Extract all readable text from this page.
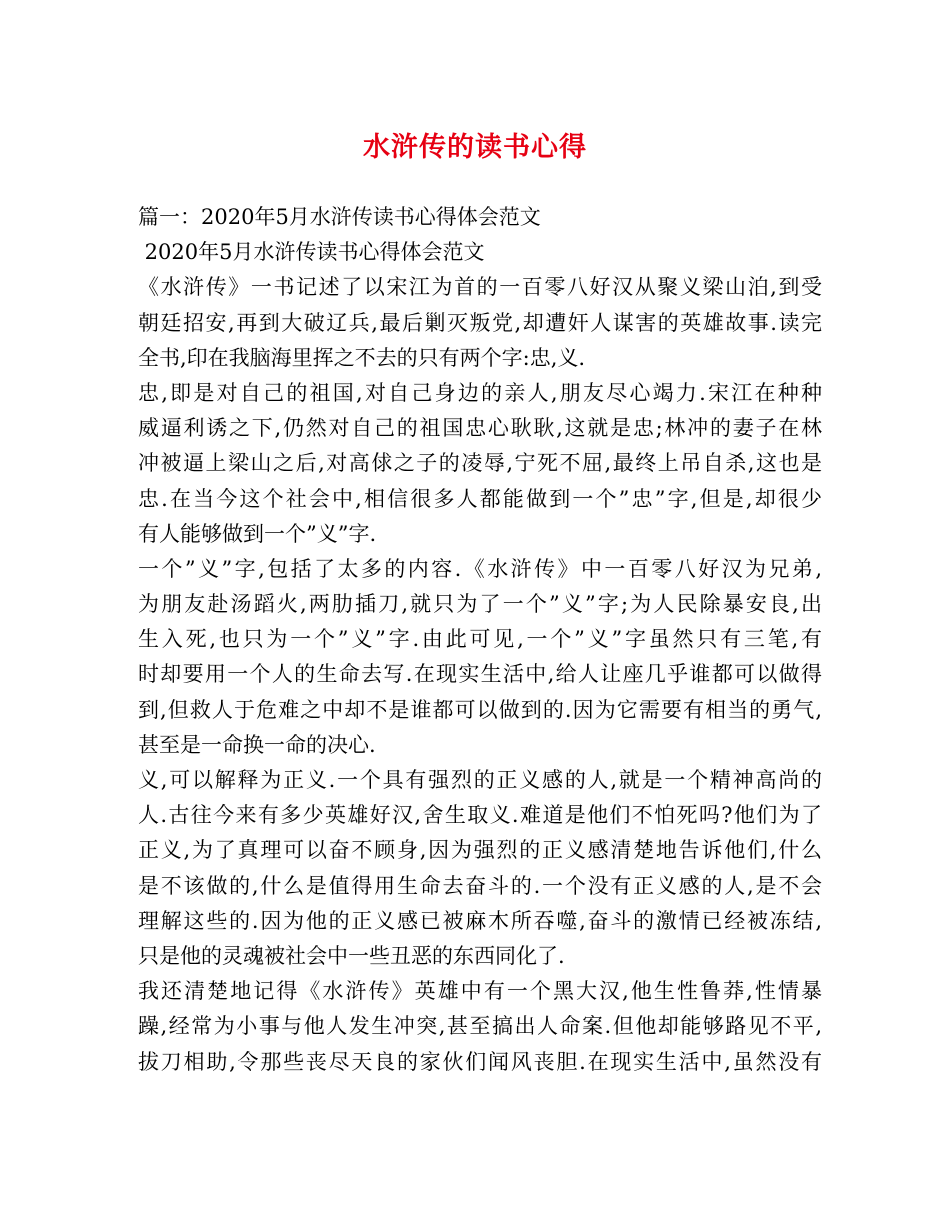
水浒传的读书心得
篇一：2020年5月水浒传读书心得体会范文
2020年5月水浒传读书心得体会范文
《水浒传》一书记述了以宋江为首的一百零八好汉从聚义梁山泊,到受
朝廷招安,再到大破辽兵,最后剿灭叛党,却遭奸人谋害的英雄故事.读完
全书,印在我脑海里挥之不去的只有两个字:忠,义.
忠,即是对自己的祖国,对自己身边的亲人,朋友尽心竭力.宋江在种种
威逼利诱之下,仍然对自己的祖国忠心耿耿,这就是忠;林冲的妻子在林
冲被逼上梁山之后,对高俅之子的凌辱,宁死不屈,最终上吊自杀,这也是
忠.在当今这个社会中,相信很多人都能做到一个”忠”字,但是,却很少
有人能够做到一个”义”字.
一个”义”字,包括了太多的内容.《水浒传》中一百零八好汉为兄弟,
为朋友赴汤蹈火,两肋插刀,就只为了一个”义”字;为人民除暴安良,出
生入死,也只为一个”义”字.由此可见,一个”义”字虽然只有三笔,有
时却要用一个人的生命去写.在现实生活中,给人让座几乎谁都可以做得
到,但救人于危难之中却不是谁都可以做到的.因为它需要有相当的勇气,
甚至是一命换一命的决心.
义,可以解释为正义.一个具有强烈的正义感的人,就是一个精神高尚的
人.古往今来有多少英雄好汉,舍生取义.难道是他们不怕死吗?他们为了
正义,为了真理可以奋不顾身,因为强烈的正义感清楚地告诉他们,什么
是不该做的,什么是值得用生命去奋斗的.一个没有正义感的人,是不会
理解这些的.因为他的正义感已被麻木所吞噬,奋斗的激情已经被冻结,
只是他的灵魂被社会中一些丑恶的东西同化了.
我还清楚地记得《水浒传》英雄中有一个黑大汉,他生性鲁莽,性情暴
躁,经常为小事与他人发生冲突,甚至搞出人命案.但他却能够路见不平,
拔刀相助,令那些丧尽天良的家伙们闻风丧胆.在现实生活中,虽然没有
